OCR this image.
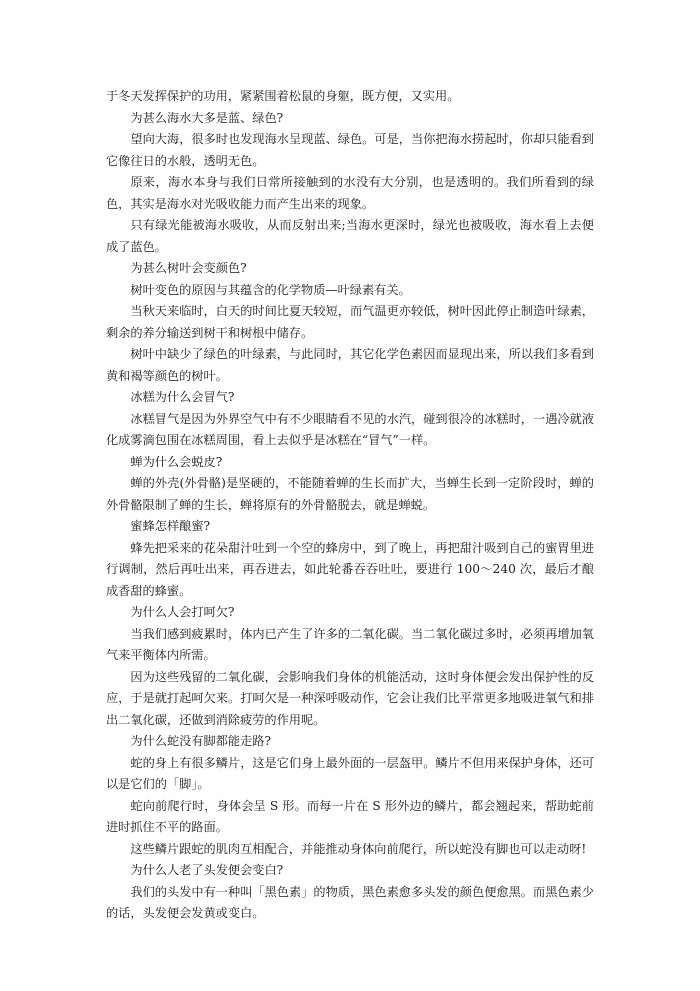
于冬天发挥保护的功用，紧紧围着松鼠的身躯，既方便，又实用。

为甚么海水大多是蓝、绿色?

望向大海，很多时也发现海水呈现蓝、绿色。可是，当你把海水捞起时，你却只能看到它像往日的水般，透明无色。

原来，海水本身与我们日常所接触到的水没有大分别，也是透明的。我们所看到的绿色，其实是海水对光吸收能力而产生出来的现象。

只有绿光能被海水吸收，从而反射出来;当海水更深时，绿光也被吸收，海水看上去便成了蓝色。

为甚么树叶会变颜色?

树叶变色的原因与其蕴含的化学物质—叶绿素有关。

当秋天来临时，白天的时间比夏天较短，而气温更亦较低，树叶因此停止制造叶绿素，剩余的养分输送到树干和树根中储存。

树叶中缺少了绿色的叶绿素，与此同时，其它化学色素因而显现出来，所以我们多看到黄和褐等颜色的树叶。

冰糕为什么会冒气?

冰糕冒气是因为外界空气中有不少眼睛看不见的水汽，碰到很冷的冰糕时，一遇冷就液化成雾滴包围在冰糕周围，看上去似乎是冰糕在“冒气”一样。

蝉为什么会蜕皮?

蝉的外壳(外骨骼)是坚硬的，不能随着蝉的生长而扩大，当蝉生长到一定阶段时，蝉的外骨骼限制了蝉的生长，蝉将原有的外骨骼脱去，就是蝉蜕。

蜜蜂怎样酿蜜?

蜂先把采来的花朵甜汁吐到一个空的蜂房中，到了晚上，再把甜汁吸到自己的蜜胃里进行调制，然后再吐出来，再吞进去，如此轮番吞吞吐吐，要进行 100～240 次，最后才酿成香甜的蜂蜜。

为什么人会打呵欠?

当我们感到疲累时，体内已产生了许多的二氧化碳。当二氧化碳过多时，必须再增加氧气来平衡体内所需。

因为这些残留的二氧化碳，会影响我们身体的机能活动，这时身体便会发出保护性的反应，于是就打起呵欠来。打呵欠是一种深呼吸动作，它会让我们比平常更多地吸进氧气和排出二氧化碳，还做到消除疲劳的作用呢。

为什么蛇没有脚都能走路?

蛇的身上有很多鳞片，这是它们身上最外面的一层盔甲。鳞片不但用来保护身体，还可以是它们的「脚」。

蛇向前爬行时，身体会呈 S 形。而每一片在 S 形外边的鳞片，都会翘起来，帮助蛇前进时抓住不平的路面。

这些鳞片跟蛇的肌肉互相配合，并能推动身体向前爬行，所以蛇没有脚也可以走动呀!

为什么人老了头发便会变白?

我们的头发中有一种叫「黑色素」的物质，黑色素愈多头发的颜色便愈黑。而黑色素少的话，头发便会发黄或变白。
